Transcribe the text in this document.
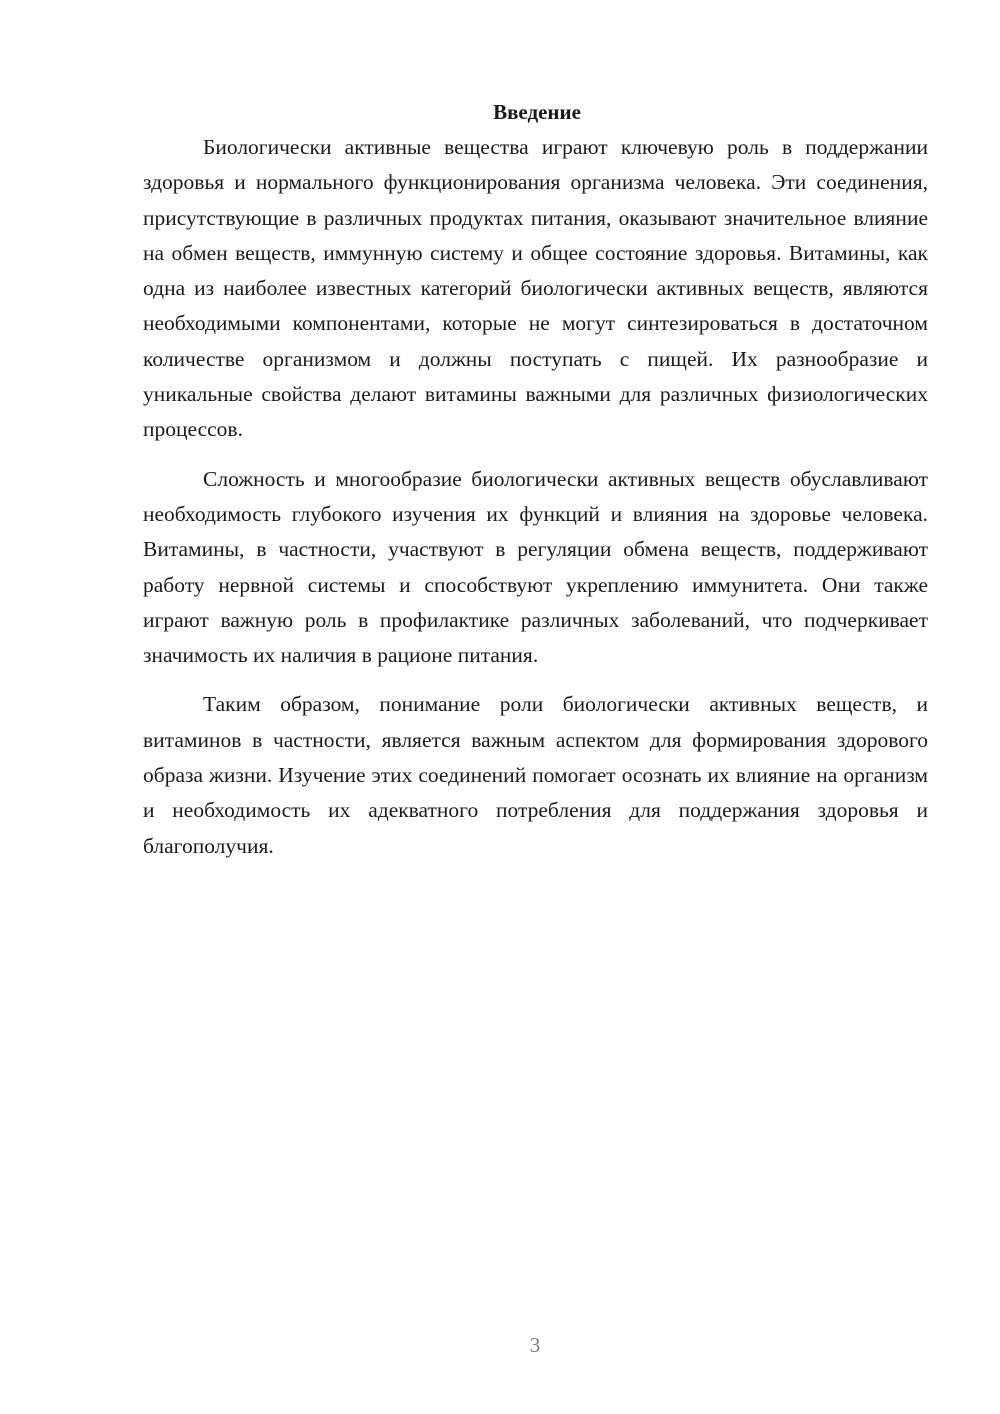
Введение

Биологически активные вещества играют ключевую роль в поддержании здоровья и нормального функционирования организма человека. Эти соединения, присутствующие в различных продуктах питания, оказывают значительное влияние на обмен веществ, иммунную систему и общее состояние здоровья. Витамины, как одна из наиболее известных категорий биологически активных веществ, являются необходимыми компонентами, которые не могут синтезироваться в достаточном количестве организмом и должны поступать с пищей. Их разнообразие и уникальные свойства делают витамины важными для различных физиологических процессов.

Сложность и многообразие биологически активных веществ обуславливают необходимость глубокого изучения их функций и влияния на здоровье человека. Витамины, в частности, участвуют в регуляции обмена веществ, поддерживают работу нервной системы и способствуют укреплению иммунитета. Они также играют важную роль в профилактике различных заболеваний, что подчеркивает значимость их наличия в рационе питания.

Таким образом, понимание роли биологически активных веществ, и витаминов в частности, является важным аспектом для формирования здорового образа жизни. Изучение этих соединений помогает осознать их влияние на организм и необходимость их адекватного потребления для поддержания здоровья и благополучия.

3
